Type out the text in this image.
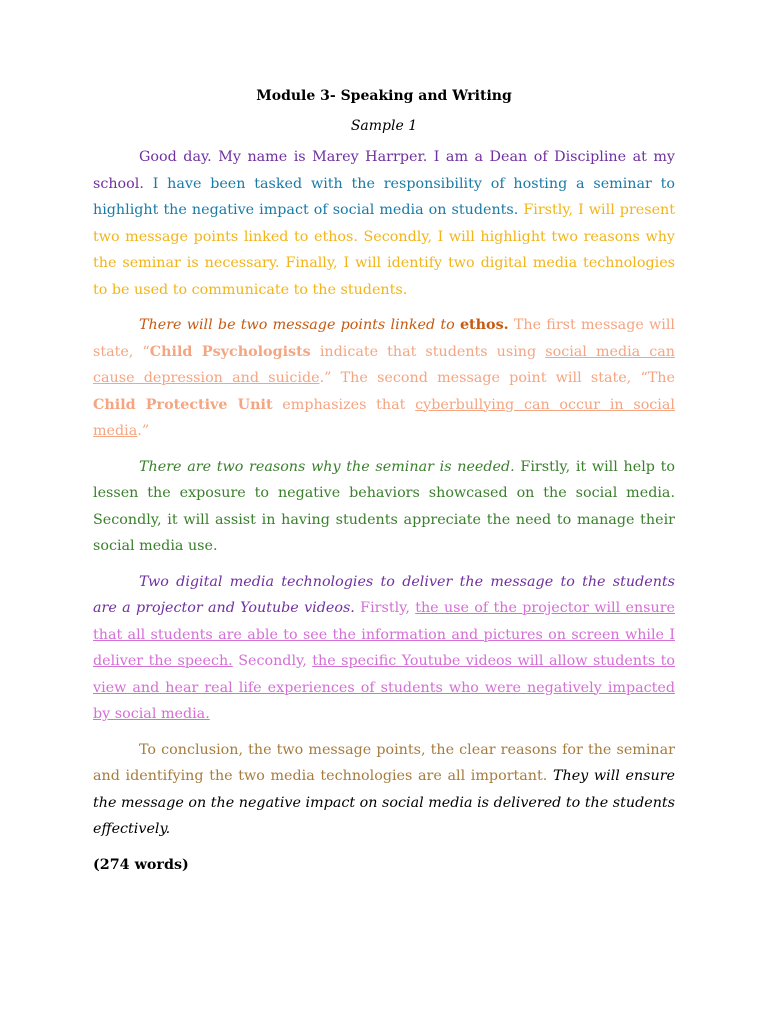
Module 3- Speaking and Writing

Sample 1

Good day. My name is Marey Harrper. I am a Dean of Discipline at my school. I have been tasked with the responsibility of hosting a seminar to highlight the negative impact of social media on students. Firstly, I will present two message points linked to ethos. Secondly, I will highlight two reasons why the seminar is necessary. Finally, I will identify two digital media technologies to be used to communicate to the students.

There will be two message points linked to ethos. The first message will state, “Child Psychologists indicate that students using social media can cause depression and suicide.” The second message point will state, “The Child Protective Unit emphasizes that cyberbullying can occur in social media.”

There are two reasons why the seminar is needed. Firstly, it will help to lessen the exposure to negative behaviors showcased on the social media. Secondly, it will assist in having students appreciate the need to manage their social media use.

Two digital media technologies to deliver the message to the students are a projector and Youtube videos. Firstly, the use of the projector will ensure that all students are able to see the information and pictures on screen while I deliver the speech. Secondly, the specific Youtube videos will allow students to view and hear real life experiences of students who were negatively impacted by social media.

To conclusion, the two message points, the clear reasons for the seminar and identifying the two media technologies are all important. They will ensure the message on the negative impact on social media is delivered to the students effectively.

(274 words)
